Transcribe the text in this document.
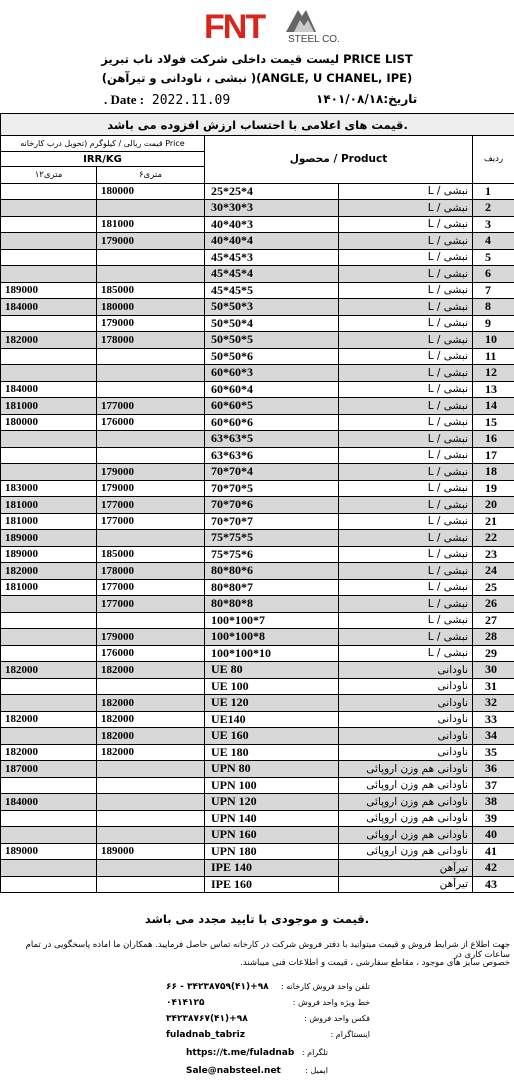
FNT STEEL CO.
لیست قیمت داخلی شرکت فولاد ناب تبریز PRICE LIST
(نبشی ، ناودانی و تیرآهن )(ANGLE, U CHANEL, IPE)
. Date : 2022.11.09	تاریخ:۱۴۰۱/۰۸/۱۸
قیمت های اعلامی با احتساب ارزش افزوده می باشد.				
قیمت ریالی / کیلوگرم (تحویل درب کارخانه Price		محصول / Product		ردیف
IRR/KG				
۱۲متری	۶متری			
	180000	25*25*4	نبشی / L	1
		30*30*3	نبشی / L	2
	181000	40*40*3	نبشی / L	3
	179000	40*40*4	نبشی / L	4
		45*45*3	نبشی / L	5
		45*45*4	نبشی / L	6
189000	185000	45*45*5	نبشی / L	7
184000	180000	50*50*3	نبشی / L	8
	179000	50*50*4	نبشی / L	9
182000	178000	50*50*5	نبشی / L	10
		50*50*6	نبشی / L	11
		60*60*3	نبشی / L	12
184000		60*60*4	نبشی / L	13
181000	177000	60*60*5	نبشی / L	14
180000	176000	60*60*6	نبشی / L	15
		63*63*5	نبشی / L	16
		63*63*6	نبشی / L	17
	179000	70*70*4	نبشی / L	18
183000	179000	70*70*5	نبشی / L	19
181000	177000	70*70*6	نبشی / L	20
181000	177000	70*70*7	نبشی / L	21
189000		75*75*5	نبشی / L	22
189000	185000	75*75*6	نبشی / L	23
182000	178000	80*80*6	نبشی / L	24
181000	177000	80*80*7	نبشی / L	25
	177000	80*80*8	نبشی / L	26
		100*100*7	نبشی / L	27
	179000	100*100*8	نبشی / L	28
	176000	100*100*10	نبشی / L	29
182000	182000	UE 80	ناودانی	30
		UE 100	ناودانی	31
	182000	UE 120	ناودانی	32
182000	182000	UE140	ناودانی	33
	182000	UE 160	ناودانی	34
182000	182000	UE 180	ناودانی	35
187000		UPN 80	ناودانی هم وزن اروپائی	36
		UPN 100	ناودانی هم وزن اروپائی	37
184000		UPN 120	ناودانی هم وزن اروپائی	38
		UPN 140	ناودانی هم وزن اروپائی	39
		UPN 160	ناودانی هم وزن اروپائی	40
189000	189000	UPN 180	ناودانی هم وزن اروپائی	41
		IPE 140	تیرآهن	42
		IPE 160	تیرآهن	43
قیمت و موجودی با تایید مجدد می باشد.
جهت اطلاع از شرایط فروش و قیمت میتوانید با دفتر فروش شرکت در کارخانه تماس حاصل فرمایید. همکاران ما اماده پاسخگویی در تمام ساعات کاری در
خصوص سایز های موجود ، مقاطع سفارشی ، قیمت و اطلاعات فنی میباشند.
تلفن واحد فروش کارخانه :
۶۶ - ۳۴۲۳۸۷۵۹(۴۱)+۹۸
خط ویژه واحد فروش :
۰۴۱۴۱۲۵
فکس واحد فروش :
۳۴۲۳۸۷۶۷(۴۱)+۹۸
اینستاگرام :
fuladnab_tabriz
تلگرام :
https://t.me/fuladnab
ایمیل :
Sale@nabsteel.net
